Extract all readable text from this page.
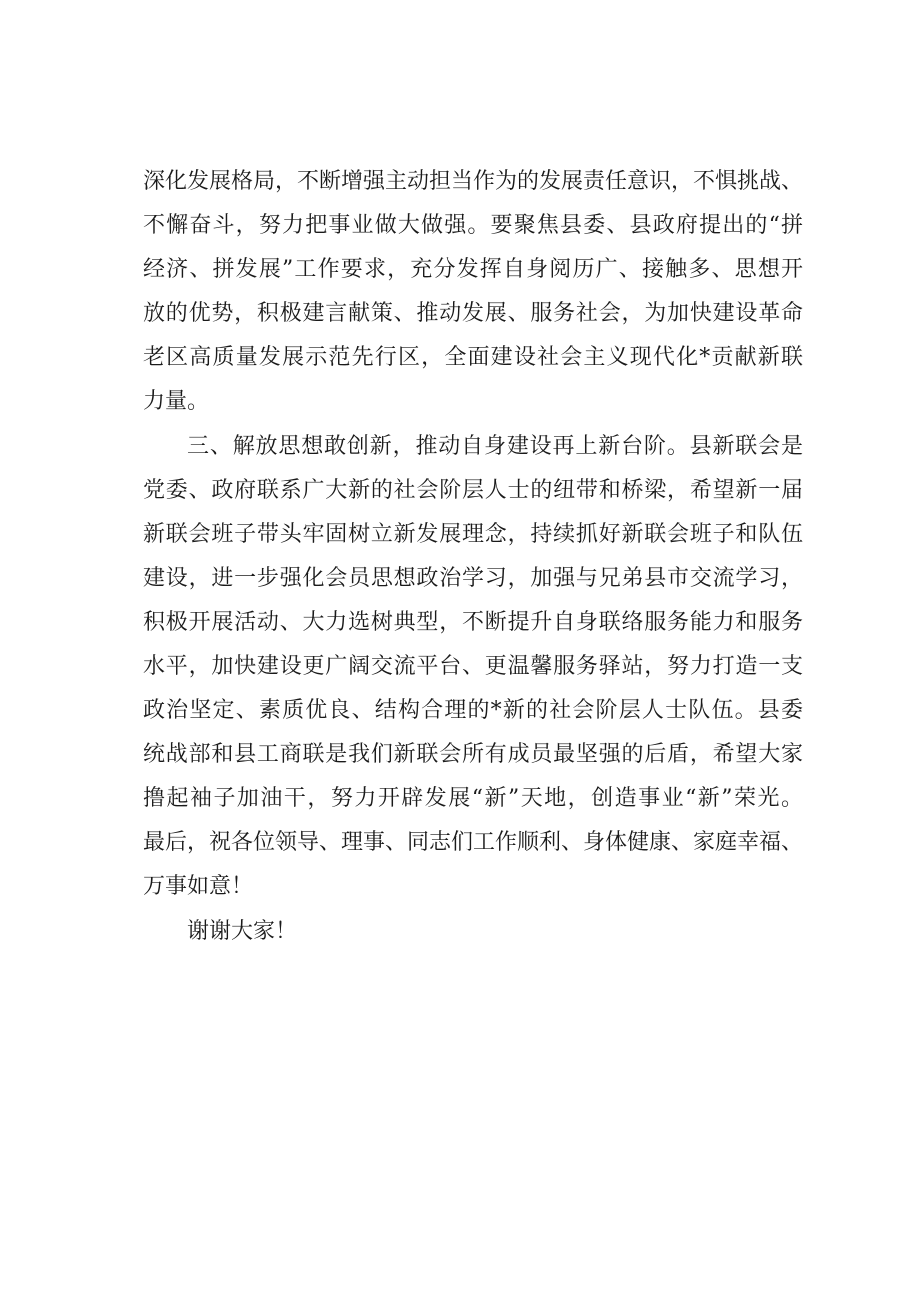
深化发展格局，不断增强主动担当作为的发展责任意识，不惧挑战、
不懈奋斗，努力把事业做大做强。要聚焦县委、县政府提出的“拼
经济、拼发展”工作要求，充分发挥自身阅历广、接触多、思想开
放的优势，积极建言献策、推动发展、服务社会，为加快建设革命
老区高质量发展示范先行区，全面建设社会主义现代化*贡献新联
力量。
三、解放思想敢创新，推动自身建设再上新台阶。县新联会是
党委、政府联系广大新的社会阶层人士的纽带和桥梁，希望新一届
新联会班子带头牢固树立新发展理念，持续抓好新联会班子和队伍
建设，进一步强化会员思想政治学习，加强与兄弟县市交流学习，
积极开展活动、大力选树典型，不断提升自身联络服务能力和服务
水平，加快建设更广阔交流平台、更温馨服务驿站，努力打造一支
政治坚定、素质优良、结构合理的*新的社会阶层人士队伍。县委
统战部和县工商联是我们新联会所有成员最坚强的后盾，希望大家
撸起袖子加油干，努力开辟发展“新”天地，创造事业“新”荣光。
最后，祝各位领导、理事、同志们工作顺利、身体健康、家庭幸福、
万事如意！
谢谢大家！
